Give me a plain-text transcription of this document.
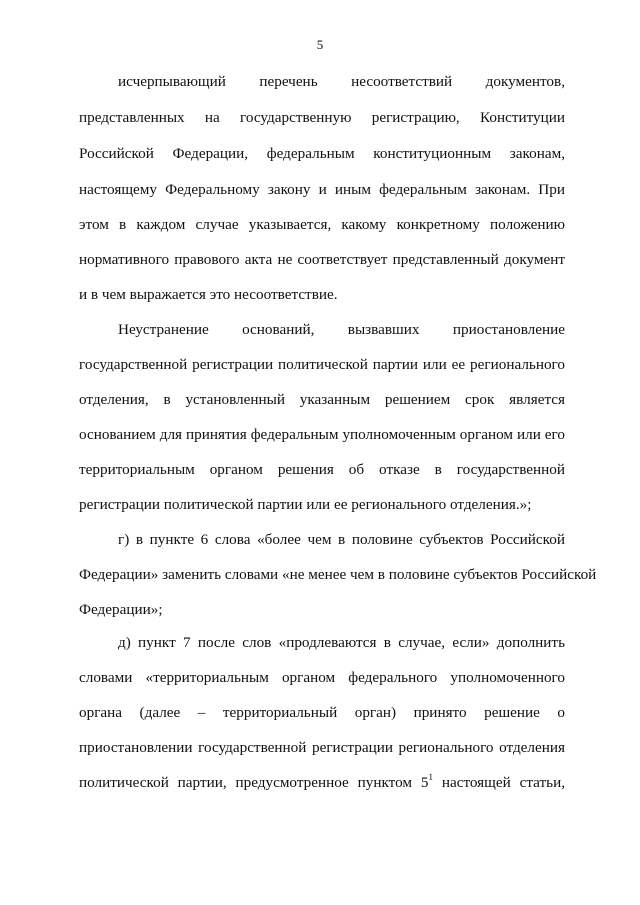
5
исчерпывающий перечень несоответствий документов,
представленных на государственную регистрацию, Конституции
Российской Федерации, федеральным конституционным законам,
настоящему Федеральному закону и иным федеральным законам. При
этом в каждом случае указывается, какому конкретному положению
нормативного правового акта не соответствует представленный документ
и в чем выражается это несоответствие.
Неустранение оснований, вызвавших приостановление
государственной регистрации политической партии или ее регионального
отделения, в установленный указанным решением срок является
основанием для принятия федеральным уполномоченным органом или его
территориальным органом решения об отказе в государственной
регистрации политической партии или ее регионального отделения.»;
г) в пункте 6 слова «более чем в половине субъектов Российской
Федерации» заменить словами «не менее чем в половине субъектов Российской
Федерации»;
д) пункт 7 после слов «продлеваются в случае, если» дополнить
словами «территориальным органом федерального уполномоченного
органа (далее – территориальный орган) принято решение о
приостановлении государственной регистрации регионального отделения
политической партии, предусмотренное пунктом $5^1$ настоящей статьи,
